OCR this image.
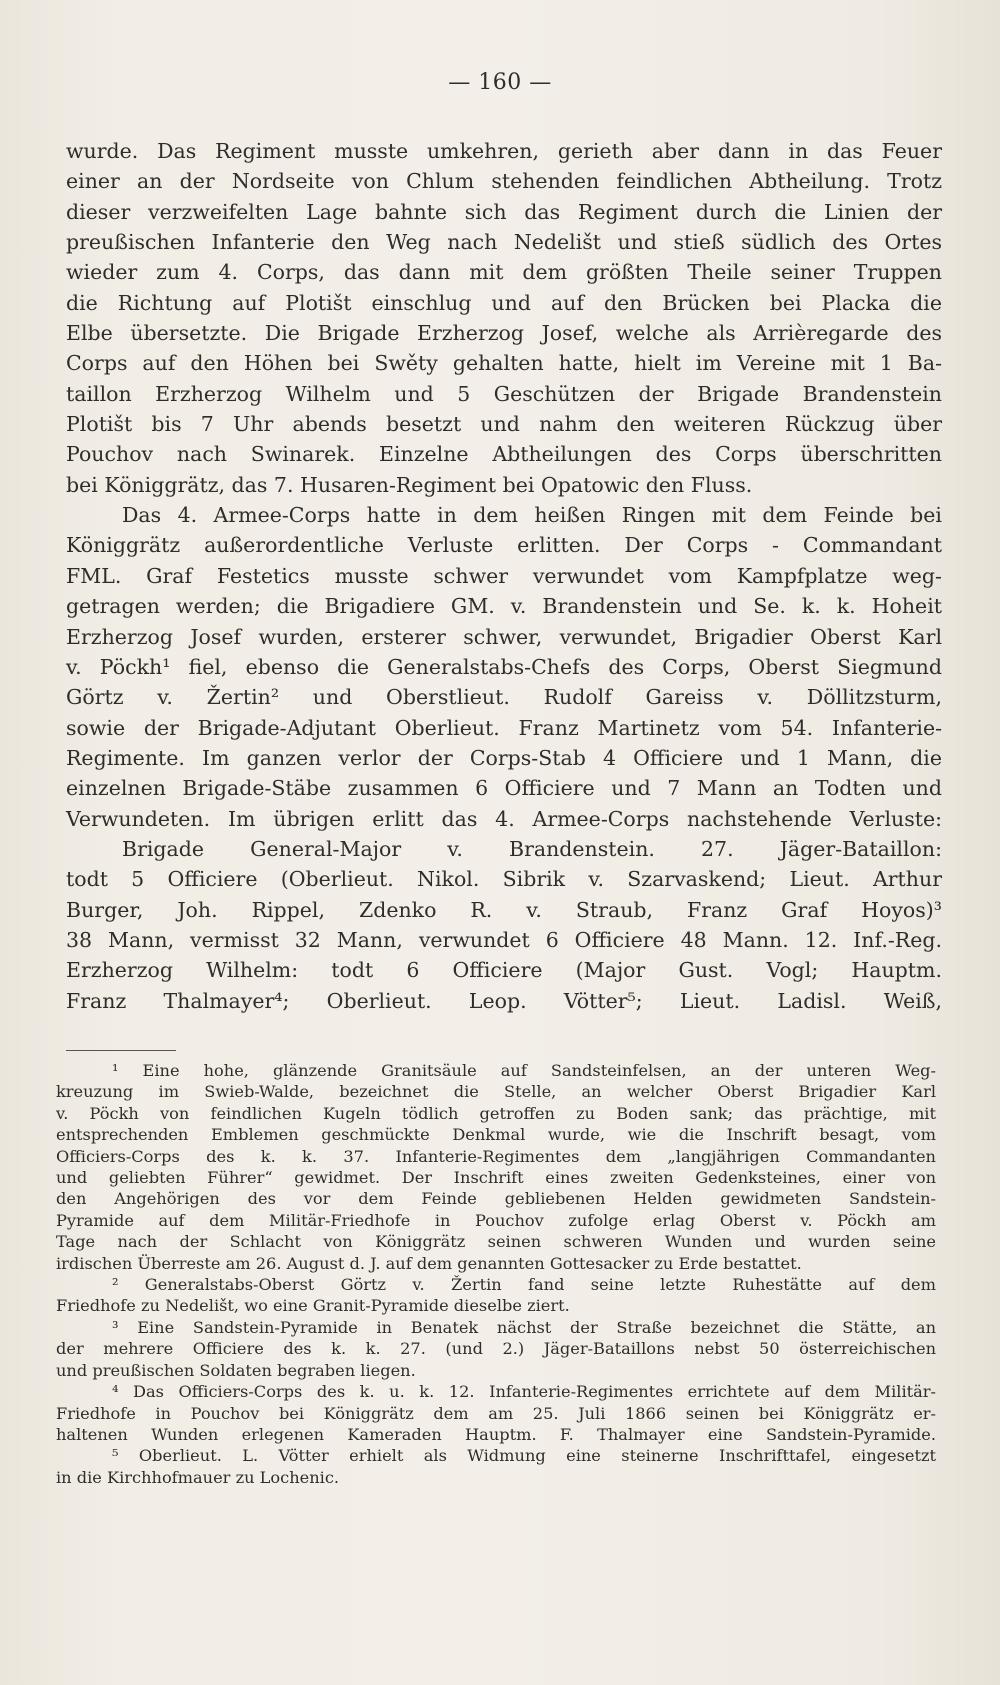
— 160 —
wurde. Das Regiment musste umkehren, gerieth aber dann in das Feuer
einer an der Nordseite von Chlum stehenden feindlichen Abtheilung. Trotz
dieser verzweifelten Lage bahnte sich das Regiment durch die Linien der
preußischen Infanterie den Weg nach Nedelišt und stieß südlich des Ortes
wieder zum 4. Corps, das dann mit dem größten Theile seiner Truppen
die Richtung auf Plotišt einschlug und auf den Brücken bei Placka die
Elbe übersetzte. Die Brigade Erzherzog Josef, welche als Arrièregarde des
Corps auf den Höhen bei Swěty gehalten hatte, hielt im Vereine mit 1 Ba-
taillon Erzherzog Wilhelm und 5 Geschützen der Brigade Brandenstein
Plotišt bis 7 Uhr abends besetzt und nahm den weiteren Rückzug über
Pouchov nach Swinarek. Einzelne Abtheilungen des Corps überschritten
bei Königgrätz, das 7. Husaren-Regiment bei Opatowic den Fluss.
Das 4. Armee-Corps hatte in dem heißen Ringen mit dem Feinde bei
Königgrätz außerordentliche Verluste erlitten. Der Corps - Commandant
FML. Graf Festetics musste schwer verwundet vom Kampfplatze weg-
getragen werden; die Brigadiere GM. v. Brandenstein und Se. k. k. Hoheit
Erzherzog Josef wurden, ersterer schwer, verwundet, Brigadier Oberst Karl
v. Pöckh¹ fiel, ebenso die Generalstabs-Chefs des Corps, Oberst Siegmund
Görtz v. Žertin² und Oberstlieut. Rudolf Gareiss v. Döllitzsturm,
sowie der Brigade-Adjutant Oberlieut. Franz Martinetz vom 54. Infanterie-
Regimente. Im ganzen verlor der Corps-Stab 4 Officiere und 1 Mann, die
einzelnen Brigade-Stäbe zusammen 6 Officiere und 7 Mann an Todten und
Verwundeten. Im übrigen erlitt das 4. Armee-Corps nachstehende Verluste:
Brigade General-Major v. Brandenstein. 27. Jäger-Bataillon:
todt 5 Officiere (Oberlieut. Nikol. Sibrik v. Szarvaskend; Lieut. Arthur
Burger, Joh. Rippel, Zdenko R. v. Straub, Franz Graf Hoyos)³
38 Mann, vermisst 32 Mann, verwundet 6 Officiere 48 Mann. 12. Inf.-Reg.
Erzherzog Wilhelm: todt 6 Officiere (Major Gust. Vogl; Hauptm.
Franz Thalmayer⁴; Oberlieut. Leop. Vötter⁵; Lieut. Ladisl. Weiß,
¹ Eine hohe, glänzende Granitsäule auf Sandsteinfelsen, an der unteren Weg-
kreuzung im Swieb-Walde, bezeichnet die Stelle, an welcher Oberst Brigadier Karl
v. Pöckh von feindlichen Kugeln tödlich getroffen zu Boden sank; das prächtige, mit
entsprechenden Emblemen geschmückte Denkmal wurde, wie die Inschrift besagt, vom
Officiers-Corps des k. k. 37. Infanterie-Regimentes dem „langjährigen Commandanten
und geliebten Führer“ gewidmet. Der Inschrift eines zweiten Gedenksteines, einer von
den Angehörigen des vor dem Feinde gebliebenen Helden gewidmeten Sandstein-
Pyramide auf dem Militär-Friedhofe in Pouchov zufolge erlag Oberst v. Pöckh am
Tage nach der Schlacht von Königgrätz seinen schweren Wunden und wurden seine
irdischen Überreste am 26. August d. J. auf dem genannten Gottesacker zu Erde bestattet.
² Generalstabs-Oberst Görtz v. Žertin fand seine letzte Ruhestätte auf dem
Friedhofe zu Nedelišt, wo eine Granit-Pyramide dieselbe ziert.
³ Eine Sandstein-Pyramide in Benatek nächst der Straße bezeichnet die Stätte, an
der mehrere Officiere des k. k. 27. (und 2.) Jäger-Bataillons nebst 50 österreichischen
und preußischen Soldaten begraben liegen.
⁴ Das Officiers-Corps des k. u. k. 12. Infanterie-Regimentes errichtete auf dem Militär-
Friedhofe in Pouchov bei Königgrätz dem am 25. Juli 1866 seinen bei Königgrätz er-
haltenen Wunden erlegenen Kameraden Hauptm. F. Thalmayer eine Sandstein-Pyramide.
⁵ Oberlieut. L. Vötter erhielt als Widmung eine steinerne Inschrifttafel, eingesetzt
in die Kirchhofmauer zu Lochenic.
